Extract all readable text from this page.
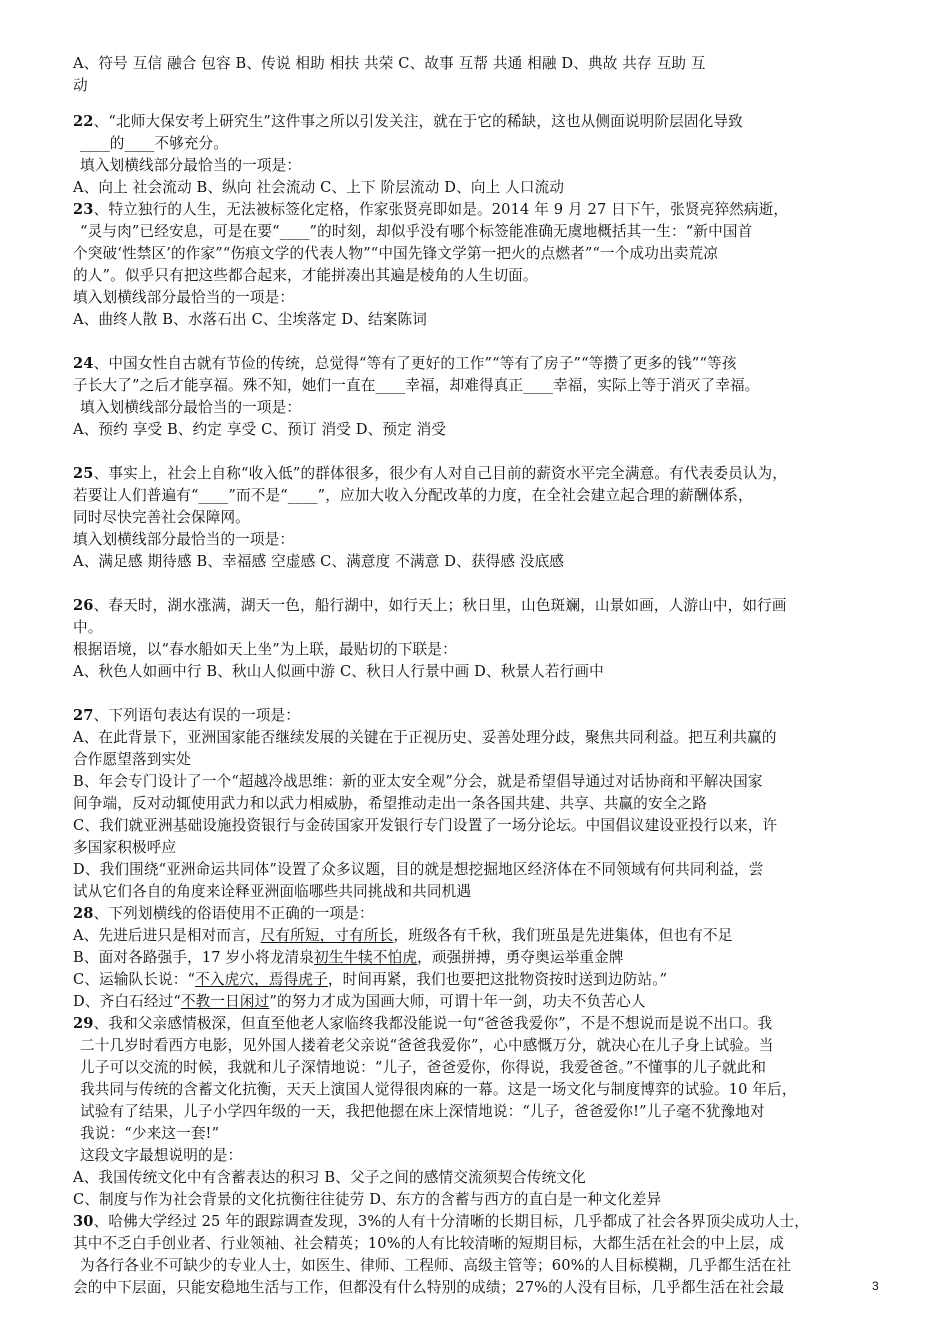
A、符号 互信 融合 包容 B、传说 相助 相扶 共荣 C、故事 互帮 共通 相融 D、典故 共存 互助 互
动
22、“北师大保安考上研究生”这件事之所以引发关注，就在于它的稀缺，这也从侧面说明阶层固化导致
____的____不够充分。
填入划横线部分最恰当的一项是：
A、向上 社会流动 B、纵向 社会流动 C、上下 阶层流动 D、向上 人口流动
23、特立独行的人生，无法被标签化定格，作家张贤亮即如是。2014 年 9 月 27 日下午，张贤亮猝然病逝，
“灵与肉”已经安息，可是在要“____”的时刻，却似乎没有哪个标签能准确无虞地概括其一生：“新中国首
个突破‘性禁区’的作家”“伤痕文学的代表人物”“中国先锋文学第一把火的点燃者”“一个成功出卖荒凉
的人”。似乎只有把这些都合起来，才能拼凑出其遍是棱角的人生切面。
填入划横线部分最恰当的一项是：
A、曲终人散 B、水落石出 C、尘埃落定 D、结案陈词
24、中国女性自古就有节俭的传统，总觉得“等有了更好的工作”“等有了房子”“等攒了更多的钱”“等孩
子长大了”之后才能享福。殊不知，她们一直在____幸福，却难得真正____幸福，实际上等于消灭了幸福。
填入划横线部分最恰当的一项是：
A、预约 享受 B、约定 享受 C、预订 消受 D、预定 消受
25、事实上，社会上自称“收入低”的群体很多，很少有人对自己目前的薪资水平完全满意。有代表委员认为，
若要让人们普遍有“____”而不是“____”，应加大收入分配改革的力度，在全社会建立起合理的薪酬体系，
同时尽快完善社会保障网。
填入划横线部分最恰当的一项是：
A、满足感 期待感 B、幸福感 空虚感 C、满意度 不满意 D、获得感 没底感
26、春天时，湖水涨满，湖天一色，船行湖中，如行天上；秋日里，山色斑斓，山景如画，人游山中，如行画
中。
根据语境，以“春水船如天上坐”为上联，最贴切的下联是：
A、秋色人如画中行 B、秋山人似画中游 C、秋日人行景中画 D、秋景人若行画中
27、下列语句表达有误的一项是：
A、在此背景下，亚洲国家能否继续发展的关键在于正视历史、妥善处理分歧，聚焦共同利益。把互利共赢的
合作愿望落到实处
B、年会专门设计了一个“超越冷战思维：新的亚太安全观”分会，就是希望倡导通过对话协商和平解决国家
间争端，反对动辄使用武力和以武力相威胁，希望推动走出一条各国共建、共享、共赢的安全之路
C、我们就亚洲基础设施投资银行与金砖国家开发银行专门设置了一场分论坛。中国倡议建设亚投行以来，许
多国家积极呼应
D、我们围绕“亚洲命运共同体”设置了众多议题，目的就是想挖掘地区经济体在不同领域有何共同利益，尝
试从它们各自的角度来诠释亚洲面临哪些共同挑战和共同机遇
28、下列划横线的俗语使用不正确的一项是：
A、先进后进只是相对而言，尺有所短，寸有所长，班级各有千秋，我们班虽是先进集体，但也有不足
B、面对各路强手，17 岁小将龙清泉初生牛犊不怕虎，顽强拼搏，勇夺奥运举重金牌
C、运输队长说：“不入虎穴，焉得虎子，时间再紧，我们也要把这批物资按时送到边防站。”
D、齐白石经过“不教一日闲过”的努力才成为国画大师，可谓十年一剑，功夫不负苦心人
29、我和父亲感情极深，但直至他老人家临终我都没能说一句“爸爸我爱你”，不是不想说而是说不出口。我
二十几岁时看西方电影，见外国人搂着老父亲说“爸爸我爱你”，心中感慨万分，就决心在儿子身上试验。当
儿子可以交流的时候，我就和儿子深情地说：“儿子，爸爸爱你，你得说，我爱爸爸。”不懂事的儿子就此和
我共同与传统的含蓄文化抗衡，天天上演国人觉得很肉麻的一幕。这是一场文化与制度博弈的试验。10 年后，
试验有了结果，儿子小学四年级的一天，我把他摁在床上深情地说：“儿子，爸爸爱你!”儿子毫不犹豫地对
我说：“少来这一套!”
这段文字最想说明的是：
A、我国传统文化中有含蓄表达的积习 B、父子之间的感情交流须契合传统文化
C、制度与作为社会背景的文化抗衡往往徒劳 D、东方的含蓄与西方的直白是一种文化差异
30、哈佛大学经过 25 年的跟踪调查发现，3%的人有十分清晰的长期目标，几乎都成了社会各界顶尖成功人士，
其中不乏白手创业者、行业领袖、社会精英；10%的人有比较清晰的短期目标，大都生活在社会的中上层，成
为各行各业不可缺少的专业人士，如医生、律师、工程师、高级主管等；60%的人目标模糊，几乎都生活在社
会的中下层面，只能安稳地生活与工作，但都没有什么特别的成绩；27%的人没有目标，几乎都生活在社会最	3
